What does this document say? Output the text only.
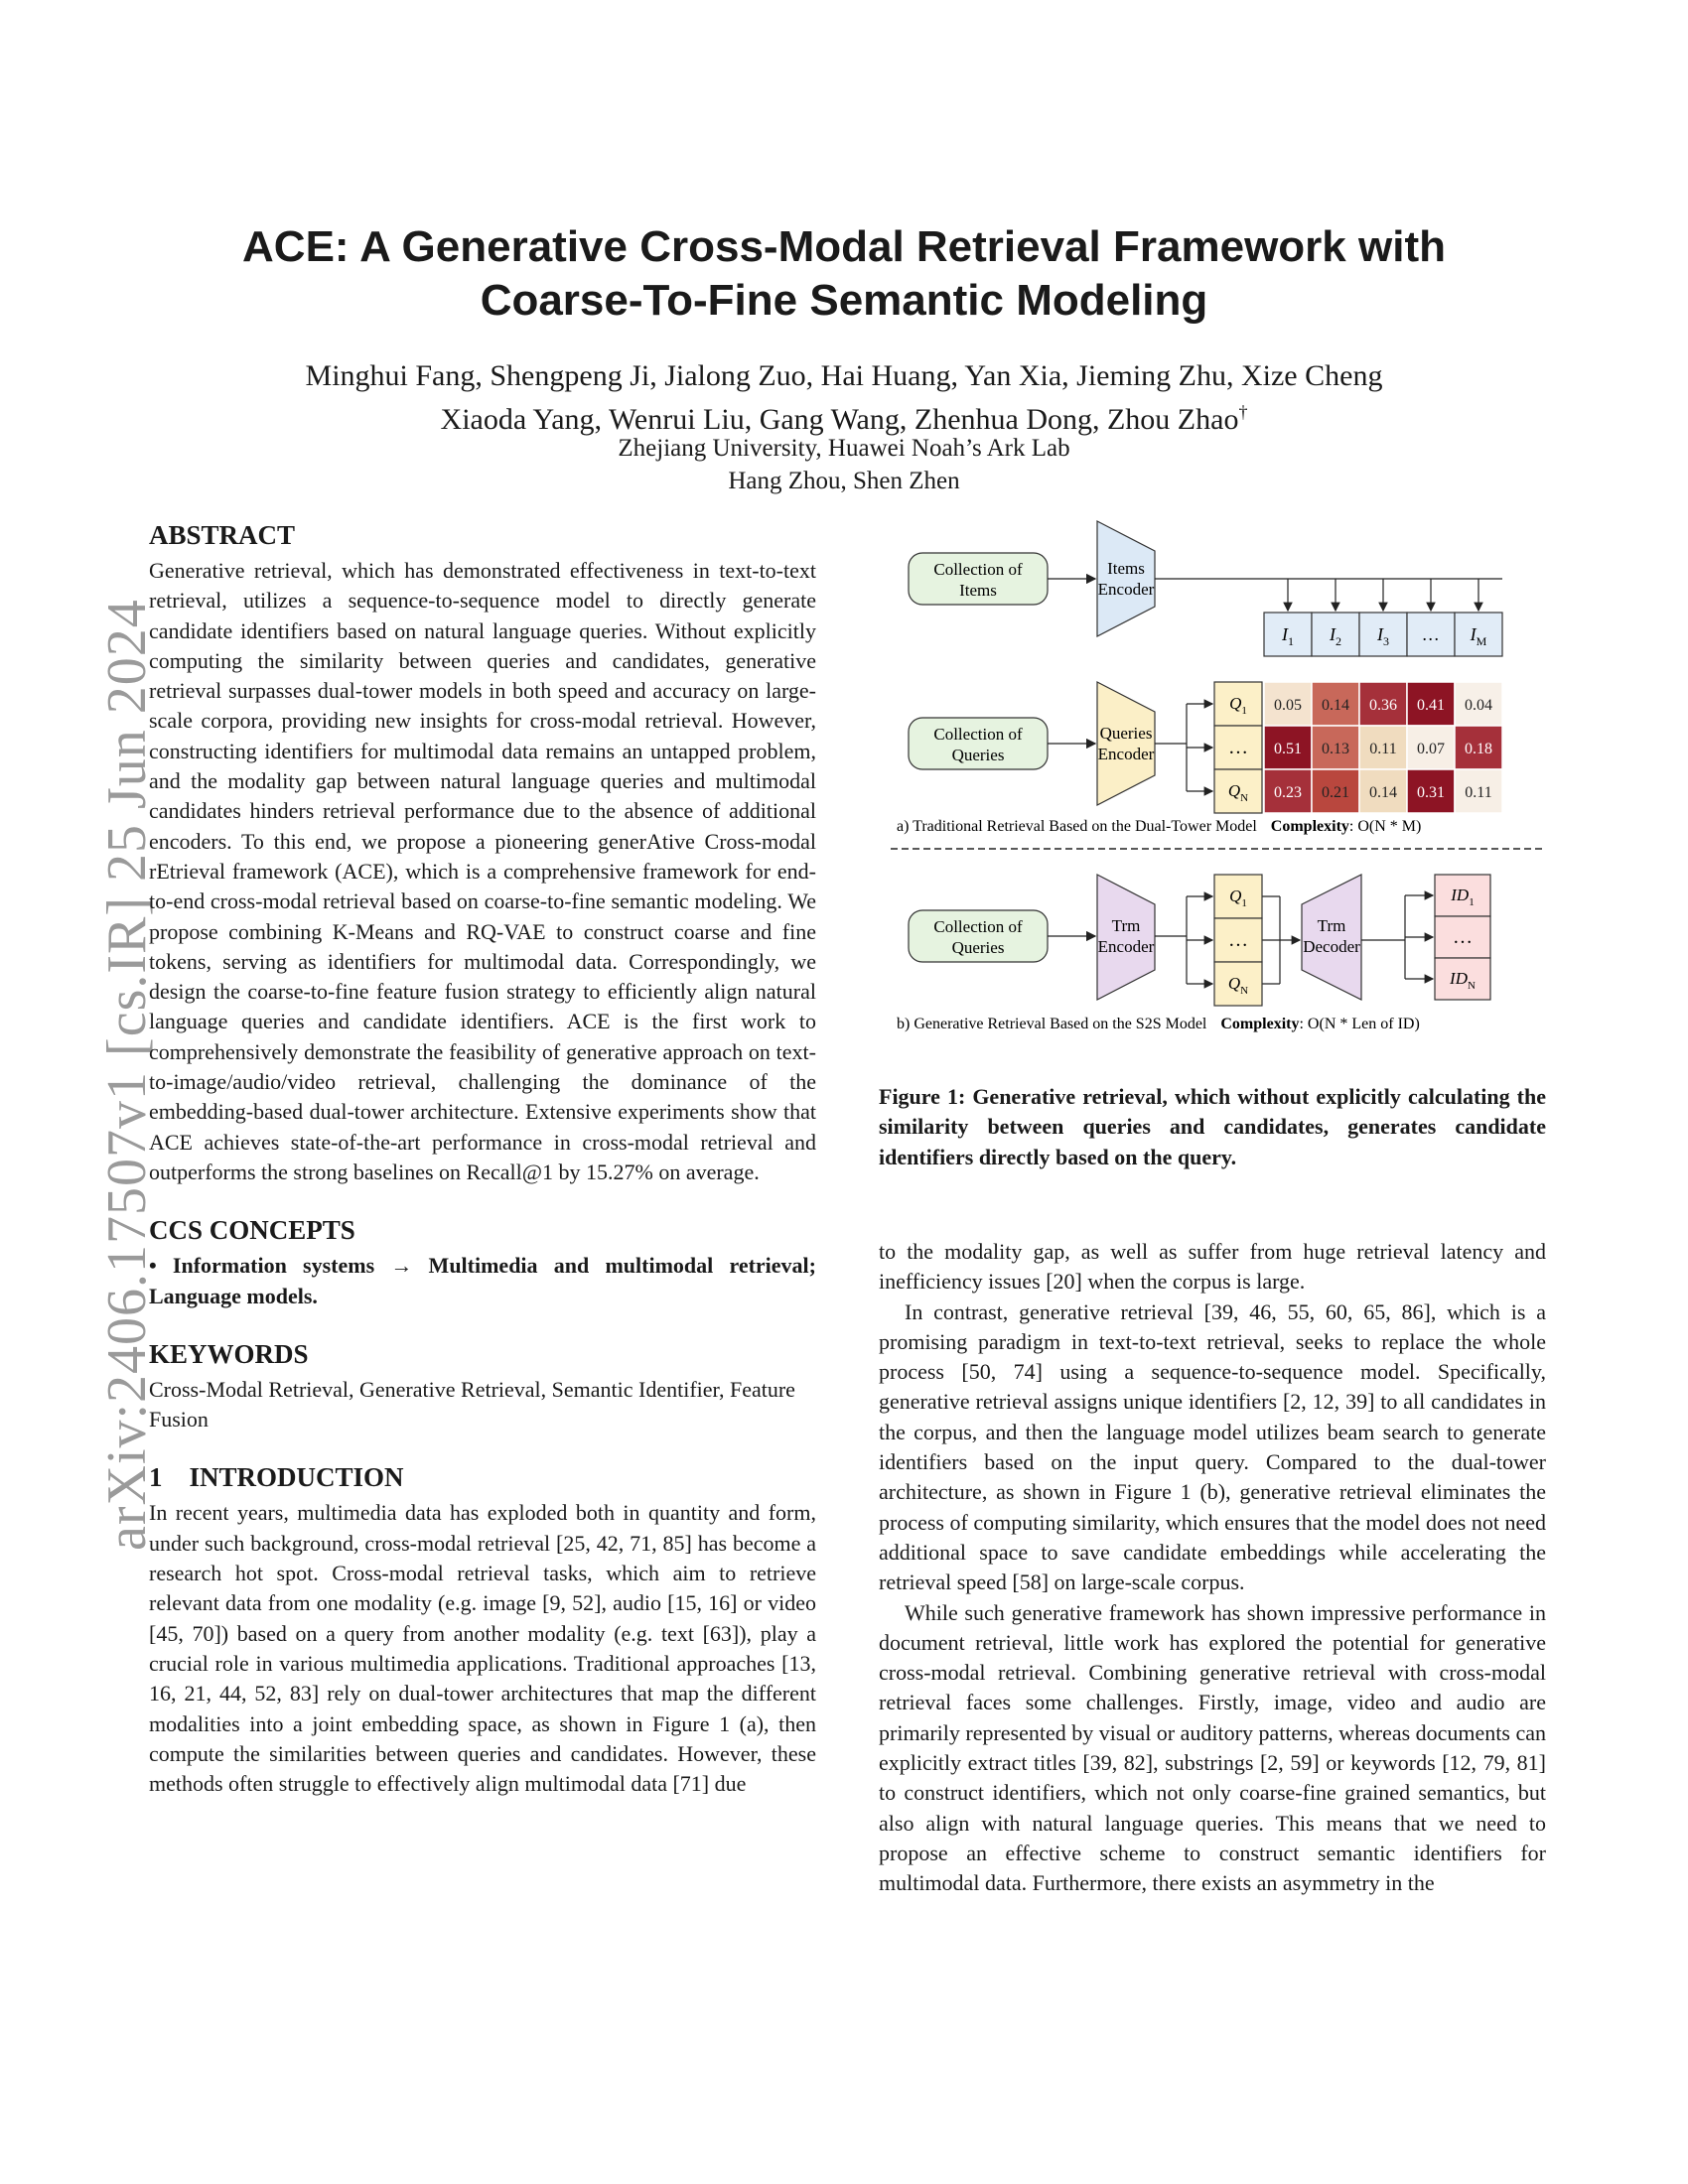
arXiv:2406.17507v1 [cs.IR] 25 Jun 2024
ACE: A Generative Cross-Modal Retrieval Framework with
Coarse-To-Fine Semantic Modeling
Minghui Fang, Shengpeng Ji, Jialong Zuo, Hai Huang, Yan Xia, Jieming Zhu, Xize Cheng
Xiaoda Yang, Wenrui Liu, Gang Wang, Zhenhua Dong, Zhou Zhao†
Zhejiang University, Huawei Noah’s Ark Lab
Hang Zhou, Shen Zhen
ABSTRACT

Generative retrieval, which has demonstrated effectiveness in text-to-text retrieval, utilizes a sequence-to-sequence model to directly generate candidate identifiers based on natural language queries. Without explicitly computing the similarity between queries and candidates, generative retrieval surpasses dual-tower models in both speed and accuracy on large-scale corpora, providing new insights for cross-modal retrieval. However, constructing identifiers for multimodal data remains an untapped problem, and the modality gap between natural language queries and multimodal candidates hinders retrieval performance due to the absence of additional encoders. To this end, we propose a pioneering generAtive Cross-modal rEtrieval framework (ACE), which is a comprehensive framework for end-to-end cross-modal retrieval based on coarse-to-fine semantic modeling. We propose combining K-Means and RQ-VAE to construct coarse and fine tokens, serving as identifiers for multimodal data. Correspondingly, we design the coarse-to-fine feature fusion strategy to efficiently align natural language queries and candidate identifiers. ACE is the first work to comprehensively demonstrate the feasibility of generative approach on text-to-image/audio/video retrieval, challenging the dominance of the embedding-based dual-tower architecture. Extensive experiments show that ACE achieves state-of-the-art performance in cross-modal retrieval and outperforms the strong baselines on Recall@1 by 15.27% on average.

CCS CONCEPTS

• Information systems → Multimedia and multimodal retrieval; Language models.

KEYWORDS

Cross-Modal Retrieval, Generative Retrieval, Semantic Identifier, Feature Fusion

1    INTRODUCTION

In recent years, multimedia data has exploded both in quantity and form, under such background, cross-modal retrieval [25, 42, 71, 85] has become a research hot spot. Cross-modal retrieval tasks, which aim to retrieve relevant data from one modality (e.g. image [9, 52], audio [15, 16] or video [45, 70]) based on a query from another modality (e.g. text [63]), play a crucial role in various multimedia applications. Traditional approaches [13, 16, 21, 44, 52, 83] rely on dual-tower architectures that map the different modalities into a joint embedding space, as shown in Figure 1 (a), then compute the similarities between queries and candidates. However, these methods often struggle to effectively align multimodal data [71] due

Collection of
Items
Items
Encoder
$I_1$ $I_2$ $I_3$ … $I_M$
Collection of
Queries
Queries
Encoder
$Q_1$
…
$Q_N$
0.05 0.14 0.36 0.41 0.04
0.51 0.13 0.11 0.07 0.18
0.23 0.21 0.14 0.31 0.11
a) Traditional Retrieval Based on the Dual-Tower Model Complexity: O(N * M)
Collection of
Queries
Trm
Encoder
$Q_1$
…
$Q_N$
Trm
Decoder
$ID_1$
…
$ID_N$
b) Generative Retrieval Based on the S2S Model Complexity: O(N * Len of ID)

Figure 1: Generative retrieval, which without explicitly calculating the similarity between queries and candidates, generates candidate identifiers directly based on the query.

to the modality gap, as well as suffer from huge retrieval latency and inefficiency issues [20] when the corpus is large.

In contrast, generative retrieval [39, 46, 55, 60, 65, 86], which is a promising paradigm in text-to-text retrieval, seeks to replace the whole process [50, 74] using a sequence-to-sequence model. Specifically, generative retrieval assigns unique identifiers [2, 12, 39] to all candidates in the corpus, and then the language model utilizes beam search to generate identifiers based on the input query. Compared to the dual-tower architecture, as shown in Figure 1 (b), generative retrieval eliminates the process of computing similarity, which ensures that the model does not need additional space to save candidate embeddings while accelerating the retrieval speed [58] on large-scale corpus.

While such generative framework has shown impressive performance in document retrieval, little work has explored the potential for generative cross-modal retrieval. Combining generative retrieval with cross-modal retrieval faces some challenges. Firstly, image, video and audio are primarily represented by visual or auditory patterns, whereas documents can explicitly extract titles [39, 82], substrings [2, 59] or keywords [12, 79, 81] to construct identifiers, which not only coarse-fine grained semantics, but also align with natural language queries. This means that we need to propose an effective scheme to construct semantic identifiers for multimodal data. Furthermore, there exists an asymmetry in the
